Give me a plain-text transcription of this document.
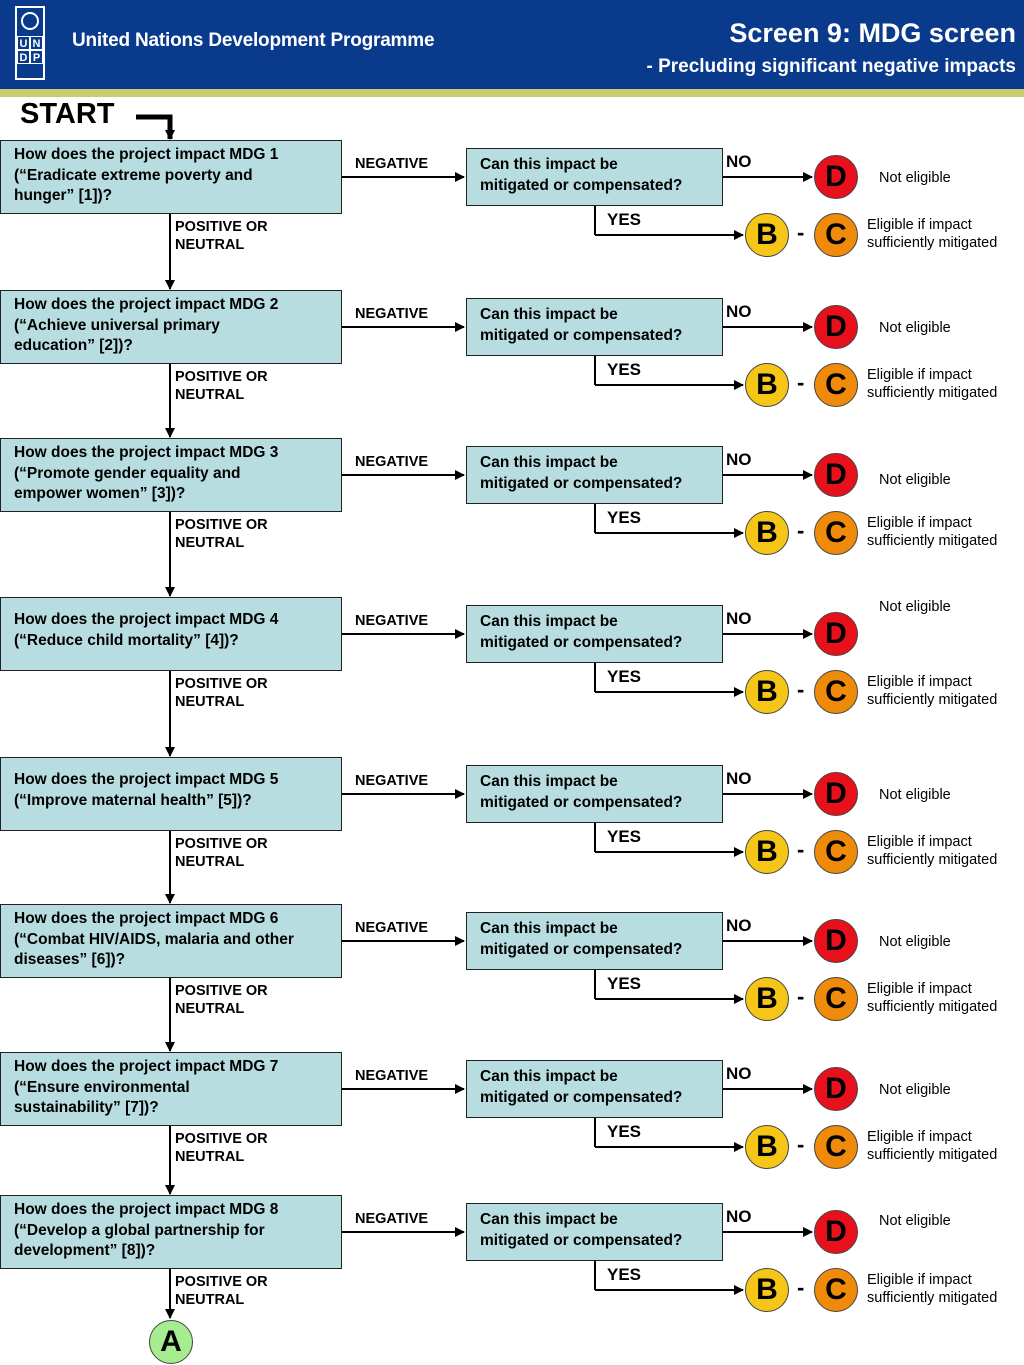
U N
D P
United Nations Development Programme	Screen 9: MDG screen
- Precluding significant negative impacts
START
How does the project impact MDG 1
(“Eradicate extreme poverty and
hunger” [1])?
NEGATIVE	Can this impact be
mitigated or compensated?
NO	D	Not eligible
YES	B - C	Eligible if impact
sufficiently mitigated
POSITIVE OR
NEUTRAL
How does the project impact MDG 2
(“Achieve universal primary
education” [2])?
NEGATIVE	Can this impact be
mitigated or compensated?
NO	D	Not eligible
YES	B - C	Eligible if impact
sufficiently mitigated
POSITIVE OR
NEUTRAL
How does the project impact MDG 3
(“Promote gender equality and
empower women” [3])?
NEGATIVE	Can this impact be
mitigated or compensated?
NO	D	Not eligible
YES	B - C	Eligible if impact
sufficiently mitigated
POSITIVE OR
NEUTRAL
How does the project impact MDG 4
(“Reduce child mortality” [4])?
NEGATIVE	Can this impact be
mitigated or compensated?
NO	D
Not eligible
YES	B - C	Eligible if impact
sufficiently mitigated
POSITIVE OR
NEUTRAL
How does the project impact MDG 5
(“Improve maternal health” [5])?
NEGATIVE	Can this impact be
mitigated or compensated?
NO	D	Not eligible
YES	B - C	Eligible if impact
sufficiently mitigated
POSITIVE OR
NEUTRAL
How does the project impact MDG 6
(“Combat HIV/AIDS, malaria and other
diseases” [6])?
NEGATIVE	Can this impact be
mitigated or compensated?
NO	D	Not eligible
YES	B - C	Eligible if impact
sufficiently mitigated
POSITIVE OR
NEUTRAL
How does the project impact MDG 7
(“Ensure environmental
sustainability” [7])?
NEGATIVE	Can this impact be
mitigated or compensated?
NO	D	Not eligible
YES	B - C	Eligible if impact
sufficiently mitigated
POSITIVE OR
NEUTRAL
How does the project impact MDG 8
(“Develop a global partnership for
development” [8])?
NEGATIVE	Can this impact be
mitigated or compensated?
NO	D	Not eligible
YES	B - C	Eligible if impact
sufficiently mitigated
POSITIVE OR
NEUTRAL
A
